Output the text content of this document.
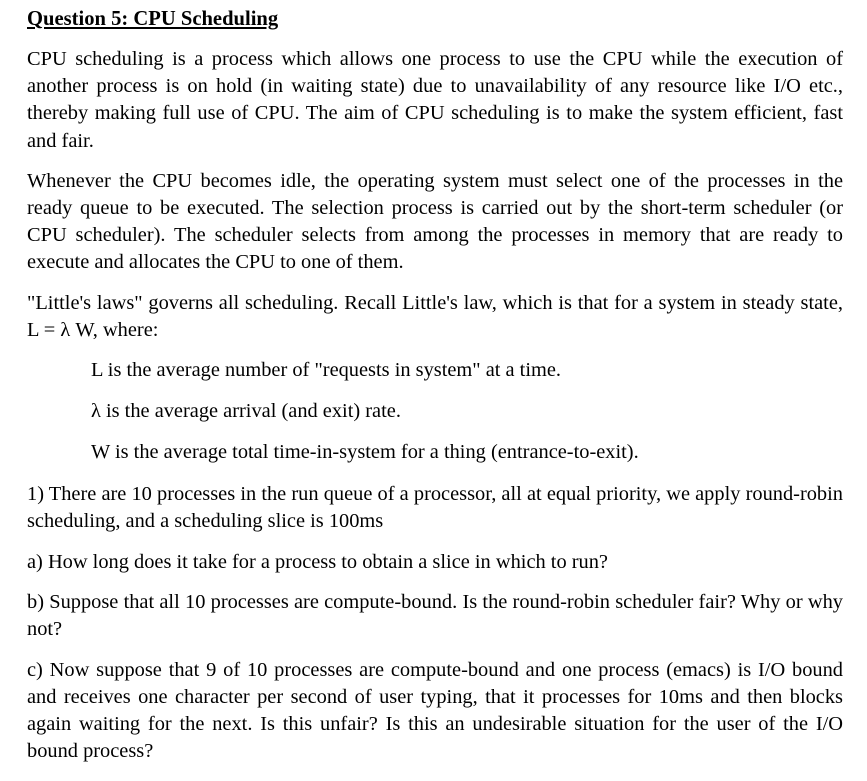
Question 5: CPU Scheduling

CPU scheduling is a process which allows one process to use the CPU while the execution of another process is on hold (in waiting state) due to unavailability of any resource like I/O etc., thereby making full use of CPU. The aim of CPU scheduling is to make the system efficient, fast and fair.

Whenever the CPU becomes idle, the operating system must select one of the processes in the ready queue to be executed. The selection process is carried out by the short-term scheduler (or CPU scheduler). The scheduler selects from among the processes in memory that are ready to execute and allocates the CPU to one of them.

"Little's laws" governs all scheduling. Recall Little's law, which is that for a system in steady state, L = λ W, where:

L is the average number of "requests in system" at a time.

λ is the average arrival (and exit) rate.

W is the average total time-in-system for a thing (entrance-to-exit).

1) There are 10 processes in the run queue of a processor, all at equal priority, we apply round-robin scheduling, and a scheduling slice is 100ms

a) How long does it take for a process to obtain a slice in which to run?

b) Suppose that all 10 processes are compute-bound. Is the round-robin scheduler fair? Why or why not?

c) Now suppose that 9 of 10 processes are compute-bound and one process (emacs) is I/O bound and receives one character per second of user typing, that it processes for 10ms and then blocks again waiting for the next. Is this unfair? Is this an undesirable situation for the user of the I/O bound process?
